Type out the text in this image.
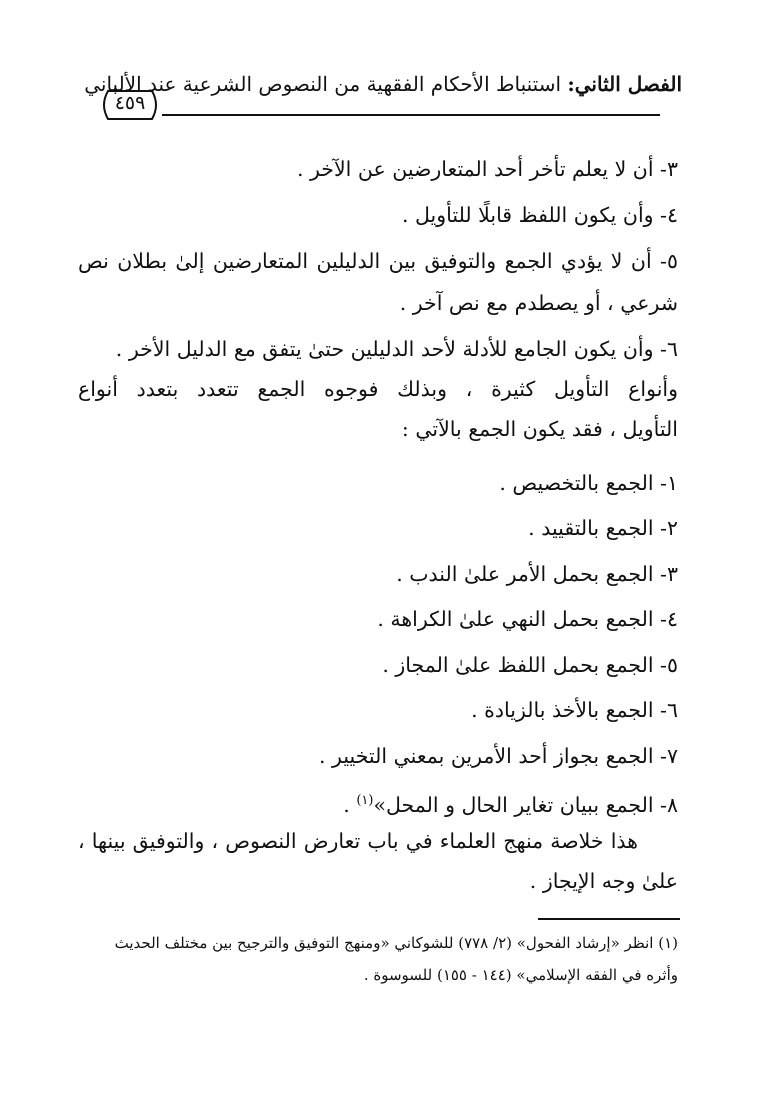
الفصل الثاني: استنباط الأحكام الفقهية من النصوص الشرعية عند الألباني
٤٥٩
٣- أن لا يعلم تأخر أحد المتعارضين عن الآخر .
٤- وأن يكون اللفظ قابلًا للتأويل .
٥- أن لا يؤدي الجمع والتوفيق بين الدليلين المتعارضين إلىٰ بطلان نص
شرعي ، أو يصطدم مع نص آخر .
٦- وأن يكون الجامع للأدلة لأحد الدليلين حتىٰ يتفق مع الدليل الأخر .
وأنواع التأويل كثيرة ، وبذلك فوجوه الجمع تتعدد بتعدد أنواع
التأويل ، فقد يكون الجمع بالآتي :
١- الجمع بالتخصيص .
٢- الجمع بالتقييد .
٣- الجمع بحمل الأمر علىٰ الندب .
٤- الجمع بحمل النهي علىٰ الكراهة .
٥- الجمع بحمل اللفظ علىٰ المجاز .
٦- الجمع بالأخذ بالزيادة .
٧- الجمع بجواز أحد الأمرين بمعني التخيير .
٨- الجمع ببيان تغاير الحال و المحل»$^{(١)}$ .
هذا خلاصة منهج العلماء في باب تعارض النصوص ، والتوفيق بينها ،
علىٰ وجه الإيجاز .
(١) انظر «إرشاد الفحول» (٢/ ٧٧٨) للشوكاني «ومنهج التوفيق والترجيح بين مختلف الحديث
وأثره في الفقه الإسلامي» (١٤٤ - ١٥٥) للسوسوة .
